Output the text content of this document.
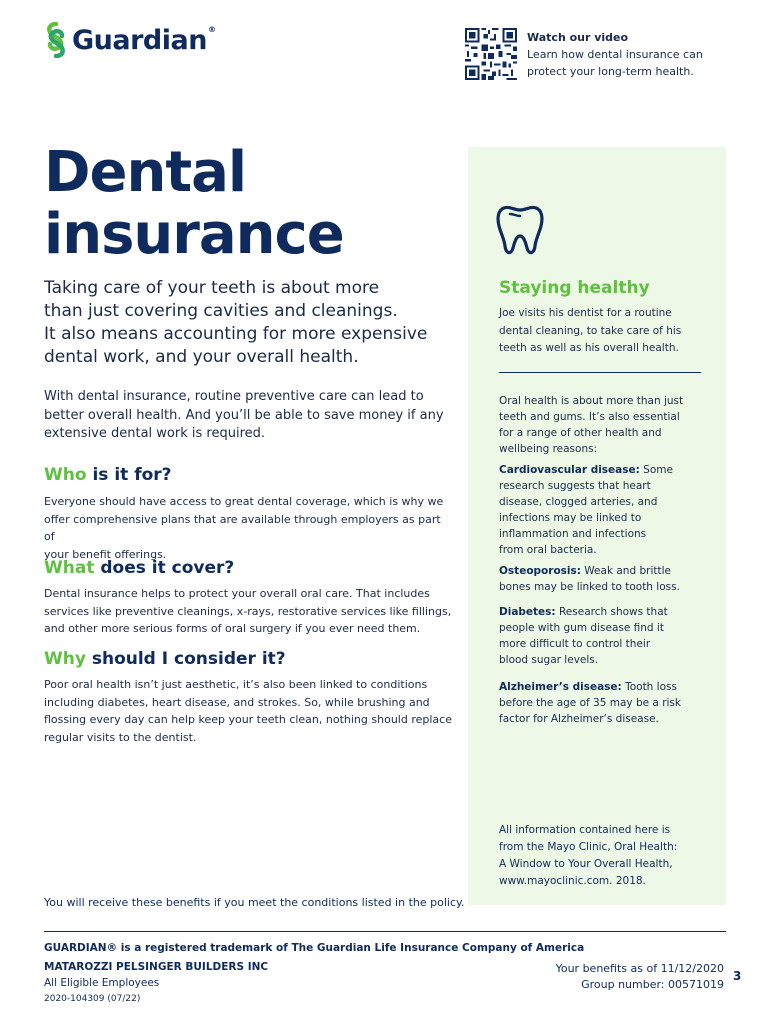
Guardian®
Watch our video
Learn how dental insurance can
protect your long-term health.
Dental
insurance
Taking care of your teeth is about more
than just covering cavities and cleanings.
It also means accounting for more expensive
dental work, and your overall health.
With dental insurance, routine preventive care can lead to
better overall health. And you’ll be able to save money if any
extensive dental work is required.
Who is it for?
Everyone should have access to great dental coverage, which is why we
offer comprehensive plans that are available through employers as part of
your benefit offerings.
What does it cover?
Dental insurance helps to protect your overall oral care. That includes
services like preventive cleanings, x-rays, restorative services like fillings,
and other more serious forms of oral surgery if you ever need them.
Why should I consider it?
Poor oral health isn’t just aesthetic, it’s also been linked to conditions
including diabetes, heart disease, and strokes. So, while brushing and
flossing every day can help keep your teeth clean, nothing should replace
regular visits to the dentist.
You will receive these benefits if you meet the conditions listed in the policy.
Staying healthy
Joe visits his dentist for a routine
dental cleaning, to take care of his
teeth as well as his overall health.
Oral health is about more than just
teeth and gums. It’s also essential
for a range of other health and
wellbeing reasons:
Cardiovascular disease: Some
research suggests that heart
disease, clogged arteries, and
infections may be linked to
inflammation and infections
from oral bacteria.
Osteoporosis: Weak and brittle
bones may be linked to tooth loss.
Diabetes: Research shows that
people with gum disease find it
more difficult to control their
blood sugar levels.
Alzheimer’s disease: Tooth loss
before the age of 35 may be a risk
factor for Alzheimer’s disease.
All information contained here is
from the Mayo Clinic, Oral Health:
A Window to Your Overall Health,
www.mayoclinic.com. 2018.
GUARDIAN® is a registered trademark of The Guardian Life Insurance Company of America
MATAROZZI PELSINGER BUILDERS INC
All Eligible Employees
2020-104309 (07/22)
Your benefits as of 11/12/2020
Group number: 00571019
3
